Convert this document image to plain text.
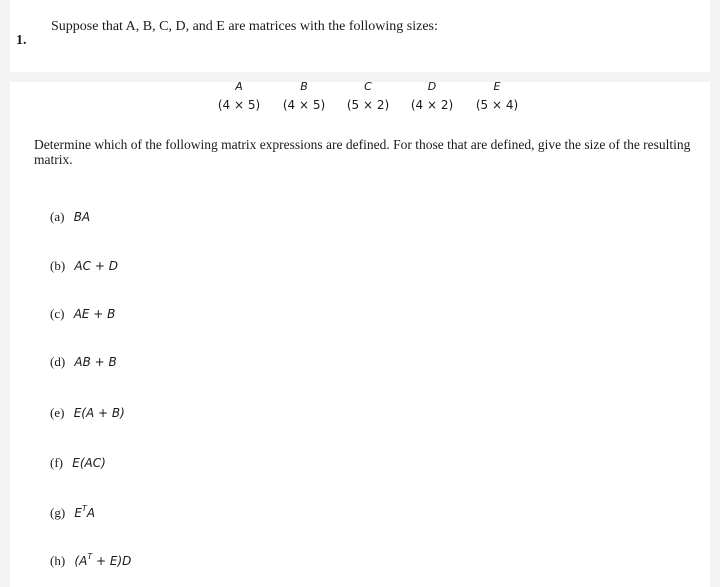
1.
Suppose that A, B, C, D, and E are matrices with the following sizes:
A
(4 × 5)
B
(4 × 5)
C
(5 × 2)
D
(4 × 2)
E
(5 × 4)
Determine which of the following matrix expressions are defined. For those that are defined, give the size of the resulting matrix.
(a) BA
(b) AC + D
(c) AE + B
(d) AB + B
(e) E(A + B)
(f) E(AC)
(g) $E^TA$
(h) $(A^T + E)D$
